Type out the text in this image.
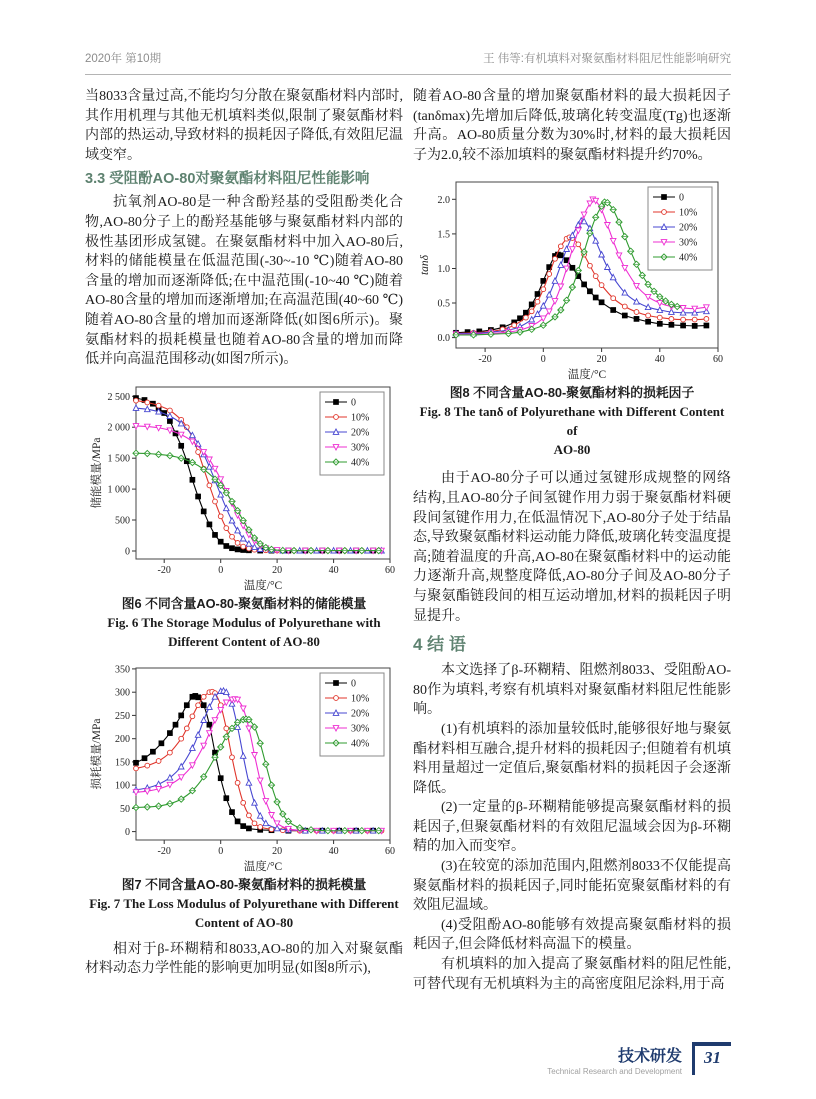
2020年 第10期	王 伟等:有机填料对聚氨酯材料阻尼性能影响研究

当8033含量过高,不能均匀分散在聚氨酯材料内部时,其作用机理与其他无机填料类似,限制了聚氨酯材料内部的热运动,导致材料的损耗因子降低,有效阻尼温域变窄。

3.3 受阻酚AO-80对聚氨酯材料阻尼性能影响

抗氧剂AO-80是一种含酚羟基的受阻酚类化合物,AO-80分子上的酚羟基能够与聚氨酯材料内部的极性基团形成氢键。在聚氨酯材料中加入AO-80后,材料的储能模量在低温范围(-30~-10 ℃)随着AO-80含量的增加而逐渐降低;在中温范围(-10~40 ℃)随着AO-80含量的增加而逐渐增加;在高温范围(40~60 ℃)随着AO-80含量的增加而逐渐降低(如图6所示)。聚氨酯材料的损耗模量也随着AO-80含量的增加而降低并向高温范围移动(如图7所示)。

-20	0	20	40	60
0
500
1 000
1 500
2 000
2 500
温度/°C
储能模量/MPa
0
10%
20%
30%
40%
图6 不同含量AO-80-聚氨酯材料的储能模量
Fig. 6 The Storage Modulus of Polyurethane with
Different Content of AO-80
-20	0	20	40	60
0
50
100
150
200
250
300
350
温度/°C
损耗模量/MPa
0
10%
20%
30%
40%
图7 不同含量AO-80-聚氨酯材料的损耗模量
Fig. 7 The Loss Modulus of Polyurethane with Different
Content of AO-80

相对于β-环糊精和8033,AO-80的加入对聚氨酯材料动态力学性能的影响更加明显(如图8所示),

随着AO-80含量的增加聚氨酯材料的最大损耗因子(tanδmax)先增加后降低,玻璃化转变温度(Tg)也逐渐升高。AO-80质量分数为30%时,材料的最大损耗因子为2.0,较不添加填料的聚氨酯材料提升约70%。

-20	0	20	40	60
0.0
0.5
1.0
1.5
2.0
温度/°C
tanδ
0
10%
20%
30%
40%
图8 不同含量AO-80-聚氨酯材料的损耗因子
Fig. 8 The tanδ of Polyurethane with Different Content of
AO-80

由于AO-80分子可以通过氢键形成规整的网络结构,且AO-80分子间氢键作用力弱于聚氨酯材料硬段间氢键作用力,在低温情况下,AO-80分子处于结晶态,导致聚氨酯材料运动能力降低,玻璃化转变温度提高;随着温度的升高,AO-80在聚氨酯材料中的运动能力逐渐升高,规整度降低,AO-80分子间及AO-80分子与聚氨酯链段间的相互运动增加,材料的损耗因子明显提升。

4 结 语

本文选择了β-环糊精、阻燃剂8033、受阻酚AO-80作为填料,考察有机填料对聚氨酯材料阻尼性能影响。

(1)有机填料的添加量较低时,能够很好地与聚氨酯材料相互融合,提升材料的损耗因子;但随着有机填料用量超过一定值后,聚氨酯材料的损耗因子会逐渐降低。

(2)一定量的β-环糊精能够提高聚氨酯材料的损耗因子,但聚氨酯材料的有效阻尼温域会因为β-环糊精的加入而变窄。

(3)在较宽的添加范围内,阻燃剂8033不仅能提高聚氨酯材料的损耗因子,同时能拓宽聚氨酯材料的有效阻尼温域。

(4)受阻酚AO-80能够有效提高聚氨酯材料的损耗因子,但会降低材料高温下的模量。

有机填料的加入提高了聚氨酯材料的阻尼性能,可替代现有无机填料为主的高密度阻尼涂料,用于高

技术研发
Technical Research and Development
31
